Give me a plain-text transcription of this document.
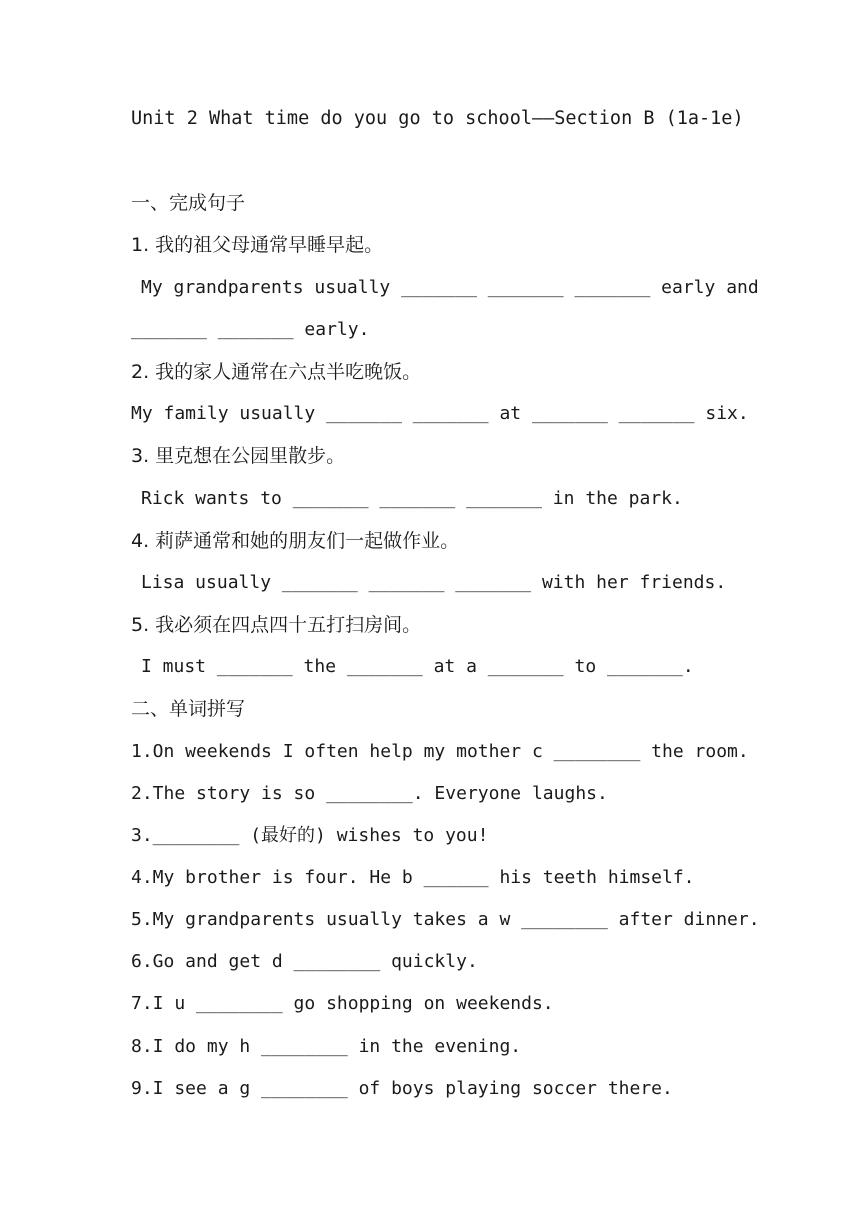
Unit 2 What time do you go to school——Section B (1a-1e)
一、完成句子
1. 我的祖父母通常早睡早起。
My grandparents usually _______ _______ _______ early and
_______ _______ early.
2. 我的家人通常在六点半吃晚饭。
My family usually _______ _______ at _______ _______ six.
3. 里克想在公园里散步。
Rick wants to _______ _______ _______ in the park.
4. 莉萨通常和她的朋友们一起做作业。
Lisa usually _______ _______ _______ with her friends.
5. 我必须在四点四十五打扫房间。
I must _______ the _______ at a _______ to _______.
二、单词拼写
1.On weekends I often help my mother c ________ the room.
2.The story is so ________. Everyone laughs.
3.________ (最好的) wishes to you!
4.My brother is four. He b ______ his teeth himself.
5.My grandparents usually takes a w ________ after dinner.
6.Go and get d ________ quickly.
7.I u ________ go shopping on weekends.
8.I do my h ________ in the evening.
9.I see a g ________ of boys playing soccer there.
